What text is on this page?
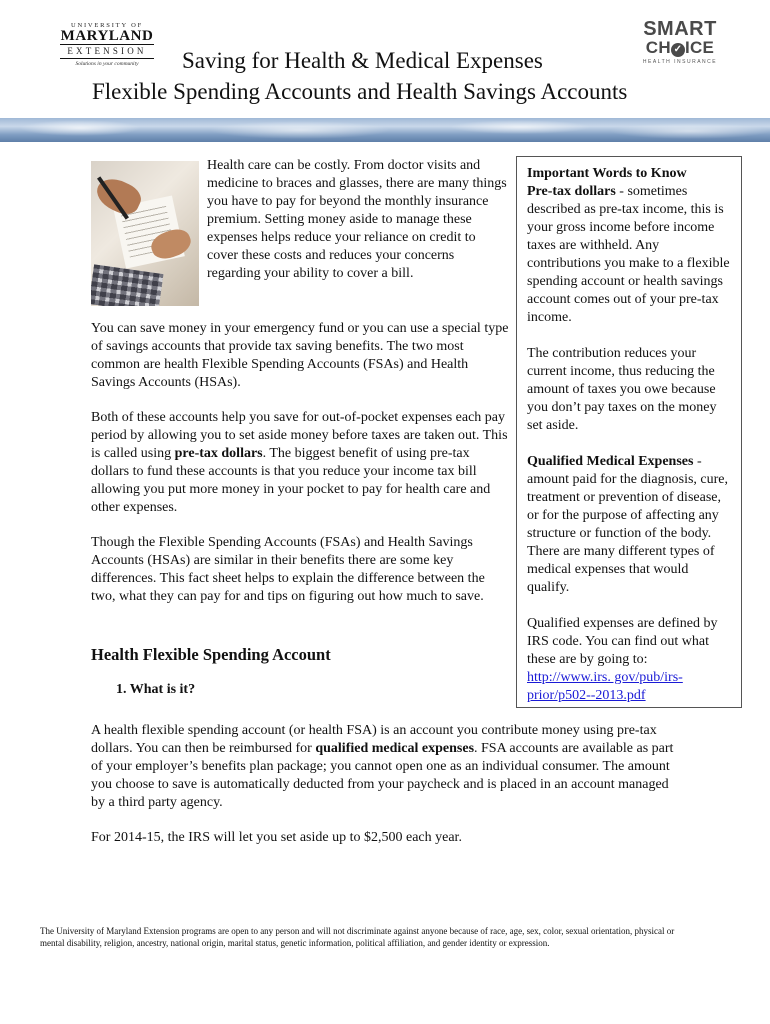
UNIVERSITY OF
MARYLAND
EXTENSION
Solutions in your community
SMART
CH ✓ ICE
HEALTH INSURANCE
Saving for Health & Medical Expenses
Flexible Spending Accounts and Health Savings Accounts

Health care can be costly. From doctor visits and medicine to braces and glasses, there are many things you have to pay for beyond the monthly insurance premium. Setting money aside to manage these expenses helps reduce your reliance on credit to cover these costs and reduces your concerns regarding your ability to cover a bill.

You can save money in your emergency fund or you can use a special type of savings accounts that provide tax saving benefits. The two most common are health Flexible Spending Accounts (FSAs) and Health Savings Accounts (HSAs).

Both of these accounts help you save for out-of-pocket expenses each pay period by allowing you to set aside money before taxes are taken out. This is called using pre-tax dollars. The biggest benefit of using pre-tax dollars to fund these accounts is that you reduce your income tax bill allowing you put more money in your pocket to pay for health care and other expenses.

Though the Flexible Spending Accounts (FSAs) and Health Savings Accounts (HSAs) are similar in their benefits there are some key differences. This fact sheet helps to explain the difference between the two, what they can pay for and tips on figuring out how much to save.

Health Flexible Spending Account
1. What is it?

A health flexible spending account (or health FSA) is an account you contribute money using pre-tax dollars. You can then be reimbursed for qualified medical expenses. FSA accounts are available as part of your employer’s benefits plan package; you cannot open one as an individual consumer. The amount you choose to save is automatically deducted from your paycheck and is placed in an account managed by a third party agency.

For 2014-15, the IRS will let you set aside up to $2,500 each year.

Important Words to Know

Pre-tax dollars - sometimes described as pre-tax income, this is your gross income before income taxes are withheld. Any contributions you make to a flexible spending account or health savings account comes out of your pre-tax income.

The contribution reduces your current income, thus reducing the amount of taxes you owe because you don’t pay taxes on the money set aside.

Qualified Medical Expenses - amount paid for the diagnosis, cure, treatment or prevention of disease, or for the purpose of affecting any structure or function of the body. There are many different types of medical expenses that would qualify.

Qualified expenses are defined by IRS code. You can find out what these are by going to: http://www.irs. gov/pub/irs-prior/p502--2013.pdf

The University of Maryland Extension programs are open to any person and will not discriminate against anyone because of race, age, sex, color, sexual orientation, physical or mental disability, religion, ancestry, national origin, marital status, genetic information, political affiliation, and gender identity or expression.
